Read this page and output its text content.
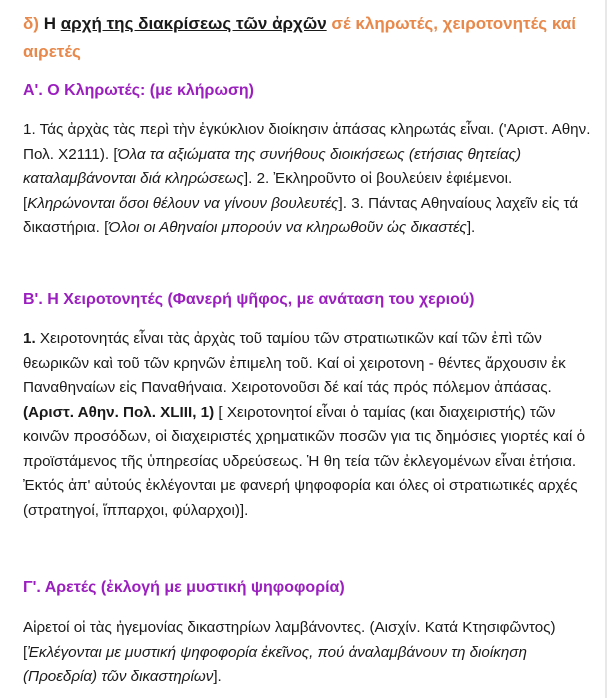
δ) Η αρχή της διακρίσεως τῶν ἀρχῶν σέ κληρωτές, χειροτονητές καί αιρετές
Α'. Ο Κληρωτές: (με κλήρωση)
1. Τάς ἀρχὰς τὰς περὶ τὴν ἐγκύκλιον διοίκησιν ἁπάσας κληρωτάς εἶναι. ('Αριστ. Αθην. Πολ. Χ2111). [Όλα τα αξιώματα της συνήθους διοικήσεως (ετήσιας θητείας) καταλαμβάνονται διά κληρώσεως]. 2. Ἐκληροῦντο οἱ βουλεύειν ἐφιέμενοι. [Κληρώνονται ὅσοι θέλουν να γίνουν βουλευτές]. 3. Πάντας Αθηναίους λαχεῖν εἰς τά δικαστήρια. [Όλοι οι Αθηναίοι μπορούν να κληρωθοῦν ὡς δικαστές].
Β'. Η Χειροτονητές (Φανερή ψῆφος, με ανάταση του χεριού)
1. Χειροτονητάς εἶναι τὰς ἀρχὰς τοῦ ταμίου τῶν στρατιωτικῶν καί τῶν ἐπὶ τῶν θεωρικῶν καὶ τοῦ τῶν κρηνῶν ἐπιμελη τοῦ. Καί οἱ χειροτονη - θέντες ἄρχουσιν ἐκ Παναθηναίων εἰς Παναθήναια. Χειροτονοῦσι δέ καί τάς πρός πόλεμον ἀπάσας. (Αριστ. Αθην. Πολ. XLIII, 1) [ Χειροτονητοί εἶναι ὁ ταμίας (και διαχειριστής) τῶν κοινῶν προσόδων, οἱ διαχειριστές χρηματικῶν ποσῶν για τις δημόσιες γιορτές καί ὁ προϊστάμενος τῆς ὑπηρεσίας υδρεύσεως. Ἡ θη τεία τῶν ἐκλεγομένων εἶναι ἐτήσια. Ἐκτός ἀπ' αὐτούς ἐκλέγονται με φανερή ψηφοφορία και όλες οἱ στρατιωτικές αρχές (στρατηγοί, ἵππαρχοι, φύλαρχοι)].
Γ'. Αρετές (ἐκλογή με μυστική ψηφοφορία)
Αἱρετοί οἱ τὰς ἡγεμονίας δικαστηρίων λαμβάνοντες. (Αισχίν. Κατά Κτησιφῶντος) [Ἐκλέγονται με μυστική ψηφοφορία ἐκεῖνος, πού ἀναλαμβάνουν τη διοίκηση (Προεδρία) τῶν δικαστηρίων].
